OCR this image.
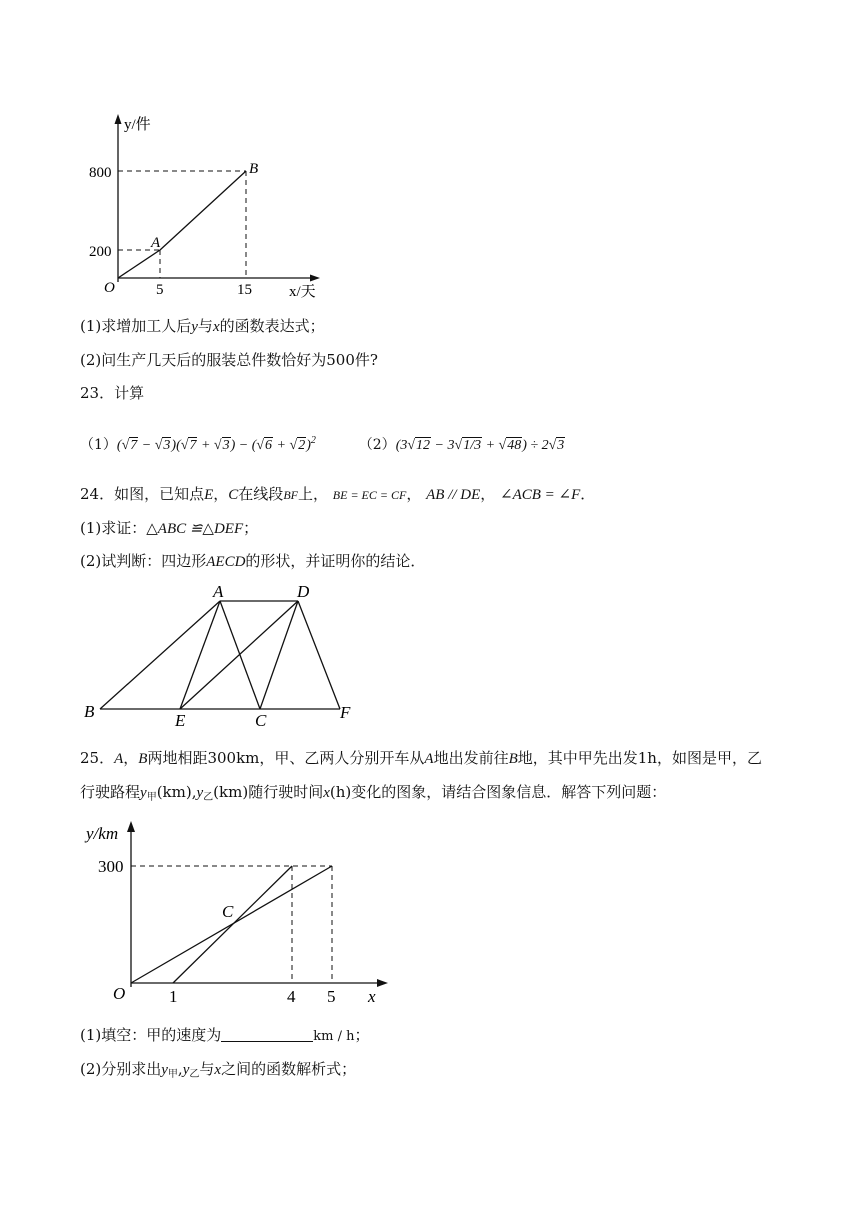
y/件
x/天
O
800
200
5	15
A
B
(1)求增加工人后y与x的函数表达式；
(2)问生产几天后的服装总件数恰好为500件?
23．计算
$(1)(√7 - √3)(√7 + √3) - (√6 + √2)^2$	（2）(3√12 − 3√1/3 + √48) ÷ 2√3
24．如图，已知点E，C在线段BF上， BE = EC = CF， AB // DE， ∠ACB = ∠F．
(1)求证：△ABC ≌△DEF；
(2)试判断：四边形AECD的形状，并证明你的结论．
A	D
B	E	C	F
25．A，B两地相距300km，甲、乙两人分别开车从A地出发前往B地，其中甲先出发1h，如图是甲，乙
行驶路程$y_甲(km),y_乙(km)$随行驶时间x(h)变化的图象，请结合图象信息．解答下列问题：
y/km
x
O
300
1	4 5
C
(1)填空：甲的速度为	km / h；
(2)分别求出$y_甲,y_乙$与x之间的函数解析式；
